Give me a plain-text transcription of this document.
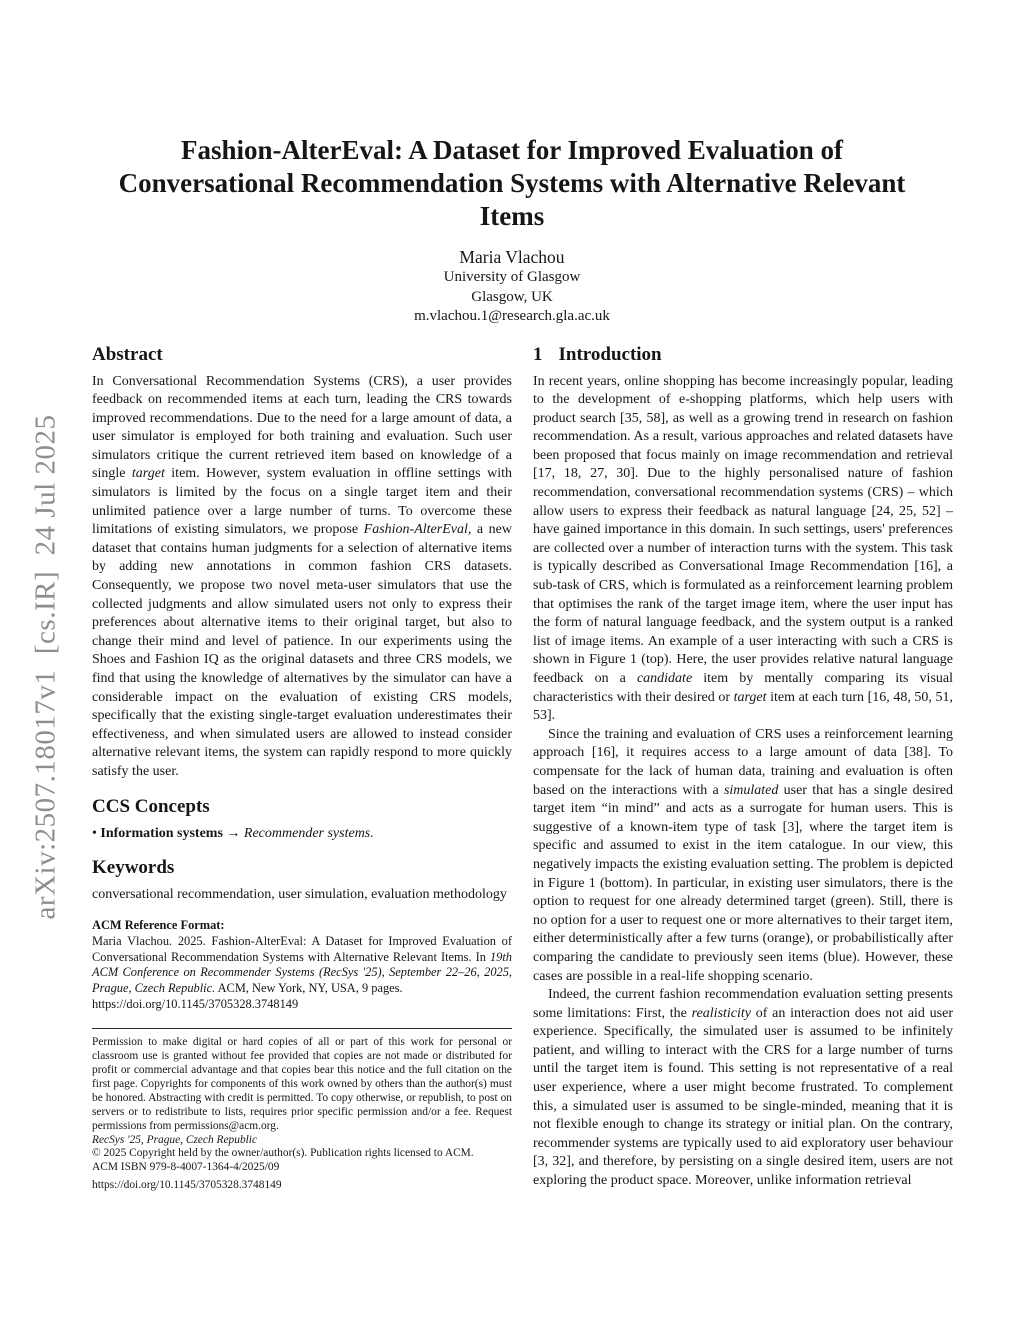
arXiv:2507.18017v1  [cs.IR]  24 Jul 2025
Fashion-AlterEval: A Dataset for Improved Evaluation of Conversational Recommendation Systems with Alternative Relevant Items
Maria Vlachou
University of Glasgow
Glasgow, UK
m.vlachou.1@research.gla.ac.uk
Abstract

In Conversational Recommendation Systems (CRS), a user provides feedback on recommended items at each turn, leading the CRS towards improved recommendations. Due to the need for a large amount of data, a user simulator is employed for both training and evaluation. Such user simulators critique the current retrieved item based on knowledge of a single target item. However, system evaluation in offline settings with simulators is limited by the focus on a single target item and their unlimited patience over a large number of turns. To overcome these limitations of existing simulators, we propose Fashion-AlterEval, a new dataset that contains human judgments for a selection of alternative items by adding new annotations in common fashion CRS datasets. Consequently, we propose two novel meta-user simulators that use the collected judgments and allow simulated users not only to express their preferences about alternative items to their original target, but also to change their mind and level of patience. In our experiments using the Shoes and Fashion IQ as the original datasets and three CRS models, we find that using the knowledge of alternatives by the simulator can have a considerable impact on the evaluation of existing CRS models, specifically that the existing single-target evaluation underestimates their effectiveness, and when simulated users are allowed to instead consider alternative relevant items, the system can rapidly respond to more quickly satisfy the user.

CCS Concepts

• Information systems → Recommender systems.

Keywords

conversational recommendation, user simulation, evaluation methodology

ACM Reference Format:

Maria Vlachou. 2025. Fashion-AlterEval: A Dataset for Improved Evaluation of Conversational Recommendation Systems with Alternative Relevant Items. In 19th ACM Conference on Recommender Systems (RecSys '25), September 22–26, 2025, Prague, Czech Republic. ACM, New York, NY, USA, 9 pages.

https://doi.org/10.1145/3705328.3748149

Permission to make digital or hard copies of all or part of this work for personal or classroom use is granted without fee provided that copies are not made or distributed for profit or commercial advantage and that copies bear this notice and the full citation on the first page. Copyrights for components of this work owned by others than the author(s) must be honored. Abstracting with credit is permitted. To copy otherwise, or republish, to post on servers or to redistribute to lists, requires prior specific permission and/or a fee. Request permissions from permissions@acm.org.

RecSys '25, Prague, Czech Republic
© 2025 Copyright held by the owner/author(s). Publication rights licensed to ACM.
ACM ISBN 979-8-4007-1364-4/2025/09
https://doi.org/10.1145/3705328.3748149
1 Introduction

In recent years, online shopping has become increasingly popular, leading to the development of e-shopping platforms, which help users with product search [35, 58], as well as a growing trend in research on fashion recommendation. As a result, various approaches and related datasets have been proposed that focus mainly on image recommendation and retrieval [17, 18, 27, 30]. Due to the highly personalised nature of fashion recommendation, conversational recommendation systems (CRS) – which allow users to express their feedback as natural language [24, 25, 52] – have gained importance in this domain. In such settings, users' preferences are collected over a number of interaction turns with the system. This task is typically described as Conversational Image Recommendation [16], a sub-task of CRS, which is formulated as a reinforcement learning problem that optimises the rank of the target image item, where the user input has the form of natural language feedback, and the system output is a ranked list of image items. An example of a user interacting with such a CRS is shown in Figure 1 (top). Here, the user provides relative natural language feedback on a candidate item by mentally comparing its visual characteristics with their desired or target item at each turn [16, 48, 50, 51, 53].

Since the training and evaluation of CRS uses a reinforcement learning approach [16], it requires access to a large amount of data [38]. To compensate for the lack of human data, training and evaluation is often based on the interactions with a simulated user that has a single desired target item “in mind” and acts as a surrogate for human users. This is suggestive of a known-item type of task [3], where the target item is specific and assumed to exist in the item catalogue. In our view, this negatively impacts the existing evaluation setting. The problem is depicted in Figure 1 (bottom). In particular, in existing user simulators, there is the option to request for one already determined target (green). Still, there is no option for a user to request one or more alternatives to their target item, either deterministically after a few turns (orange), or probabilistically after comparing the candidate to previously seen items (blue). However, these cases are possible in a real-life shopping scenario.

Indeed, the current fashion recommendation evaluation setting presents some limitations: First, the realisticity of an interaction does not aid user experience. Specifically, the simulated user is assumed to be infinitely patient, and willing to interact with the CRS for a large number of turns until the target item is found. This setting is not representative of a real user experience, where a user might become frustrated. To complement this, a simulated user is assumed to be single-minded, meaning that it is not flexible enough to change its strategy or initial plan. On the contrary, recommender systems are typically used to aid exploratory user behaviour [3, 32], and therefore, by persisting on a single desired item, users are not exploring the product space. Moreover, unlike information retrieval
